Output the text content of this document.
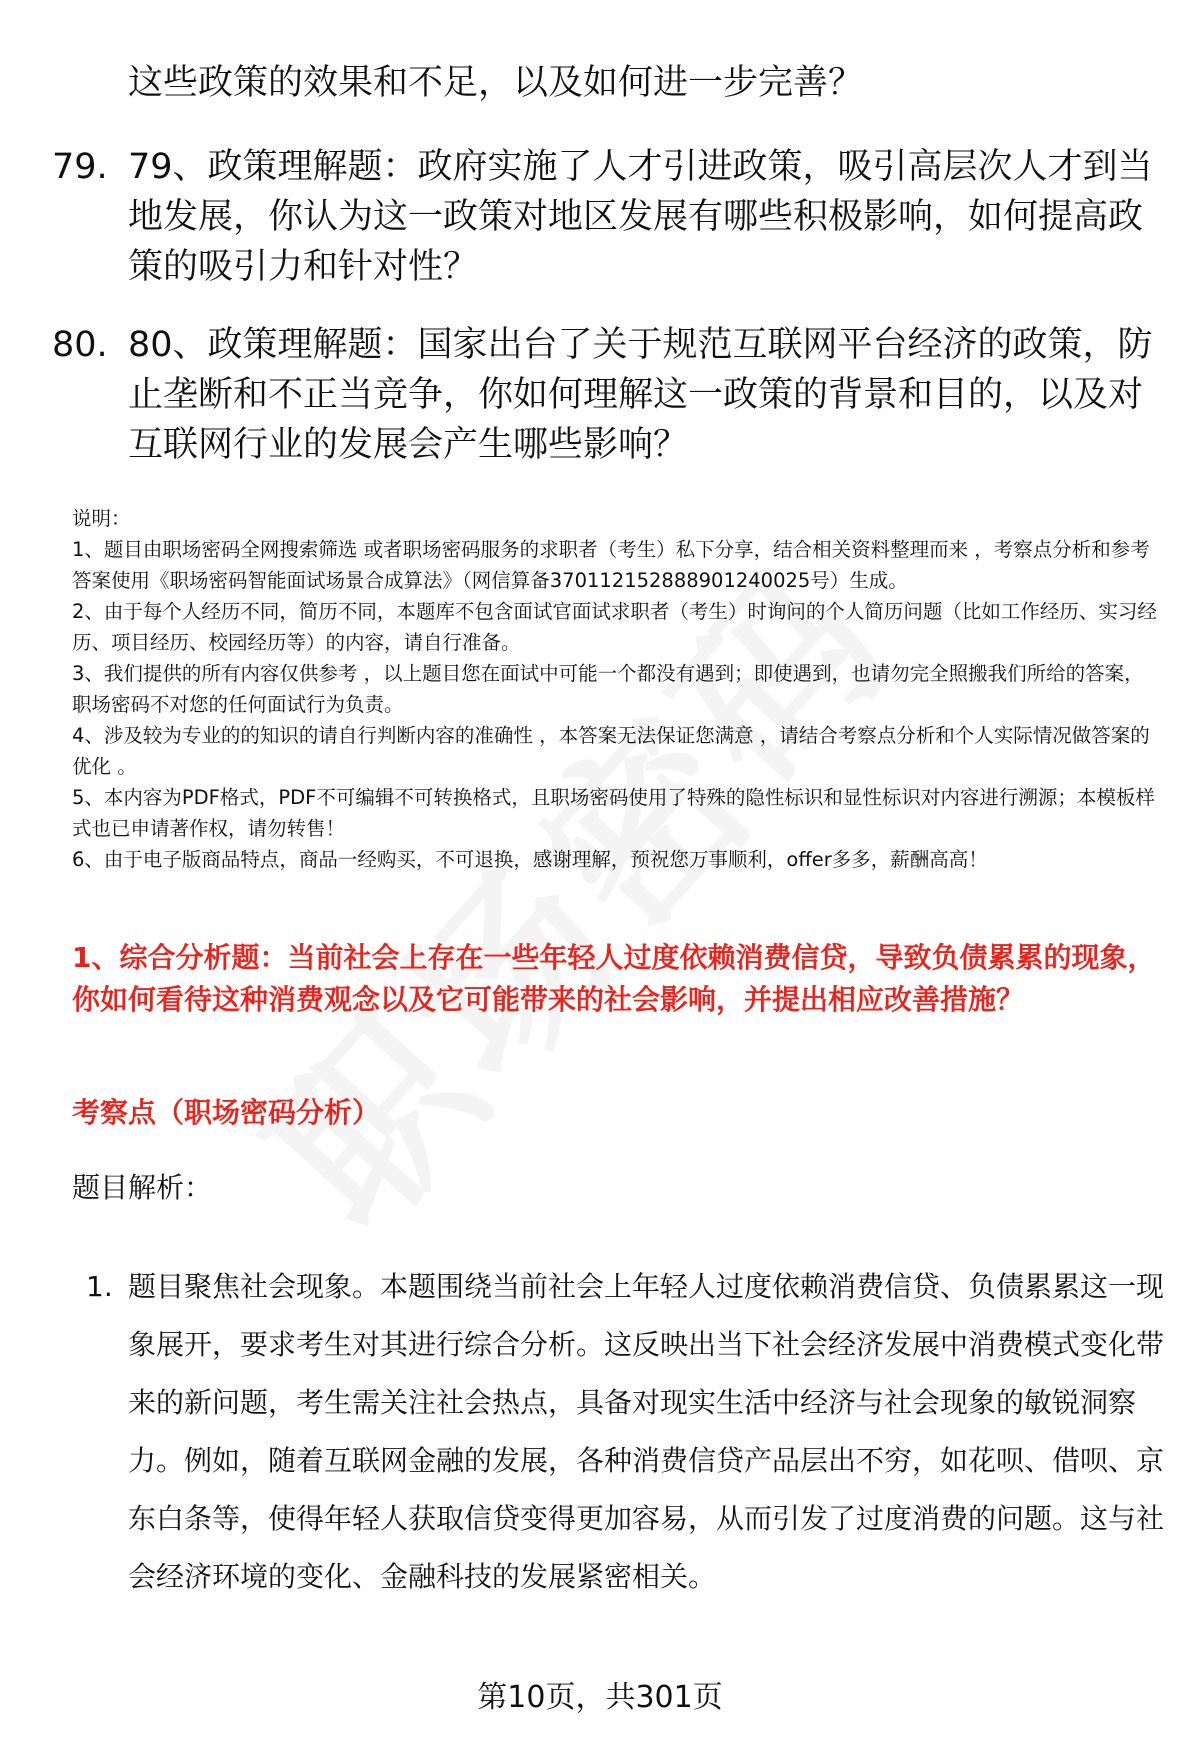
这些政策的效果和不足，以及如何进一步完善？
79. 79、政策理解题：政府实施了人才引进政策，吸引高层次人才到当地发展，你认为这一政策对地区发展有哪些积极影响，如何提高政策的吸引力和针对性？
80. 80、政策理解题：国家出台了关于规范互联网平台经济的政策，防止垄断和不正当竞争，你如何理解这一政策的背景和目的，以及对互联网行业的发展会产生哪些影响？

说明：

1、题目由职场密码全网搜索筛选 或者职场密码服务的求职者（考生）私下分享，结合相关资料整理而来 ，考察点分析和参考答案使用《职场密码智能面试场景合成算法》（网信算备370112152888901240025号）生成。

2、由于每个人经历不同，简历不同，本题库不包含面试官面试求职者（考生）时询问的个人简历问题（比如工作经历、实习经历、项目经历、校园经历等）的内容，请自行准备。

3、我们提供的所有内容仅供参考 ，以上题目您在面试中可能一个都没有遇到；即使遇到，也请勿完全照搬我们所给的答案，职场密码不对您的任何面试行为负责。

4、涉及较为专业的的知识的请自行判断内容的准确性 ，本答案无法保证您满意 ，请结合考察点分析和个人实际情况做答案的优化 。

5、本内容为PDF格式，PDF不可编辑不可转换格式，且职场密码使用了特殊的隐性标识和显性标识对内容进行溯源；本模板样式也已申请著作权，请勿转售！

6、由于电子版商品特点，商品一经购买，不可退换，感谢理解，预祝您万事顺利，offer多多，薪酬高高！

1、综合分析题：当前社会上存在一些年轻人过度依赖消费信贷，导致负债累累的现象，你如何看待这种消费观念以及它可能带来的社会影响，并提出相应改善措施？
考察点（职场密码分析）
题目解析：
1. 题目聚焦社会现象。本题围绕当前社会上年轻人过度依赖消费信贷、负债累累这一现象展开，要求考生对其进行综合分析。这反映出当下社会经济发展中消费模式变化带来的新问题，考生需关注社会热点，具备对现实生活中经济与社会现象的敏锐洞察力。例如，随着互联网金融的发展，各种消费信贷产品层出不穷，如花呗、借呗、京东白条等，使得年轻人获取信贷变得更加容易，从而引发了过度消费的问题。这与社会经济环境的变化、金融科技的发展紧密相关。
第10页，共301页
